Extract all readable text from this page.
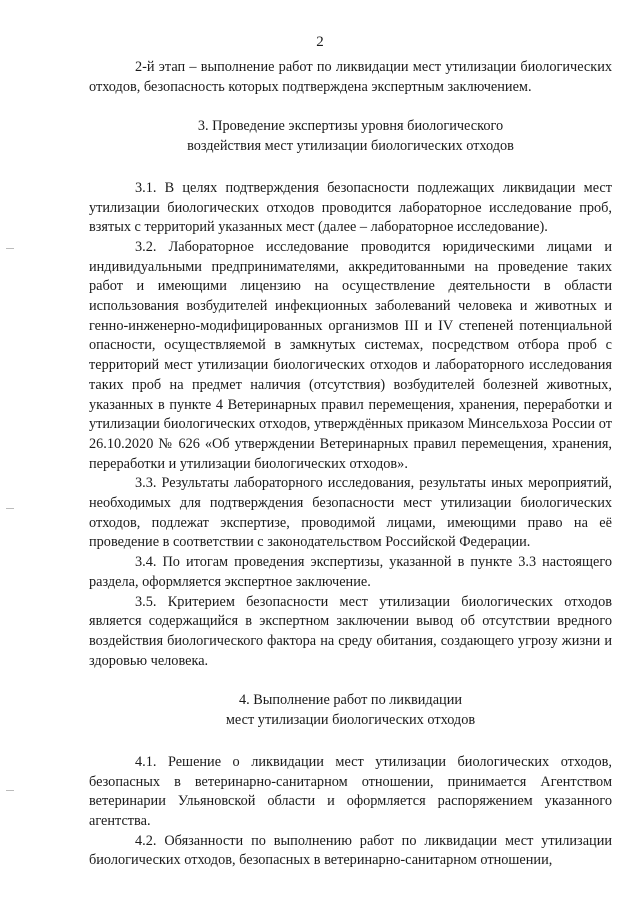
2

2-й этап – выполнение работ по ликвидации мест утилизации биологических отходов, безопасность которых подтверждена экспертным заключением.

3. Проведение экспертизы уровня биологического
воздействия мест утилизации биологических отходов

3.1. В целях подтверждения безопасности подлежащих ликвидации мест утилизации биологических отходов проводится лабораторное исследование проб, взятых с территорий указанных мест (далее – лабораторное исследование).

3.2. Лабораторное исследование проводится юридическими лицами и индивидуальными предпринимателями, аккредитованными на проведение таких работ и имеющими лицензию на осуществление деятельности в области использования возбудителей инфекционных заболеваний человека и животных и генно-инженерно-модифицированных организмов III и IV степеней потенциальной опасности, осуществляемой в замкнутых системах, посредством отбора проб с территорий мест утилизации биологических отходов и лабораторного исследования таких проб на предмет наличия (отсутствия) возбудителей болезней животных, указанных в пункте 4 Ветеринарных правил перемещения, хранения, переработки и утилизации биологических отходов, утверждённых приказом Минсельхоза России от 26.10.2020 № 626 «Об утверждении Ветеринарных правил перемещения, хранения, переработки и утилизации биологических отходов».

3.3. Результаты лабораторного исследования, результаты иных мероприятий, необходимых для подтверждения безопасности мест утилизации биологических отходов, подлежат экспертизе, проводимой лицами, имеющими право на её проведение в соответствии с законодательством Российской Федерации.

3.4. По итогам проведения экспертизы, указанной в пункте 3.3 настоящего раздела, оформляется экспертное заключение.

3.5. Критерием безопасности мест утилизации биологических отходов является содержащийся в экспертном заключении вывод об отсутствии вредного воздействия биологического фактора на среду обитания, создающего угрозу жизни и здоровью человека.

4. Выполнение работ по ликвидации
мест утилизации биологических отходов

4.1. Решение о ликвидации мест утилизации биологических отходов, безопасных в ветеринарно-санитарном отношении, принимается Агентством ветеринарии Ульяновской области и оформляется распоряжением указанного агентства.

4.2. Обязанности по выполнению работ по ликвидации мест утилизации биологических отходов, безопасных в ветеринарно-санитарном отношении,
